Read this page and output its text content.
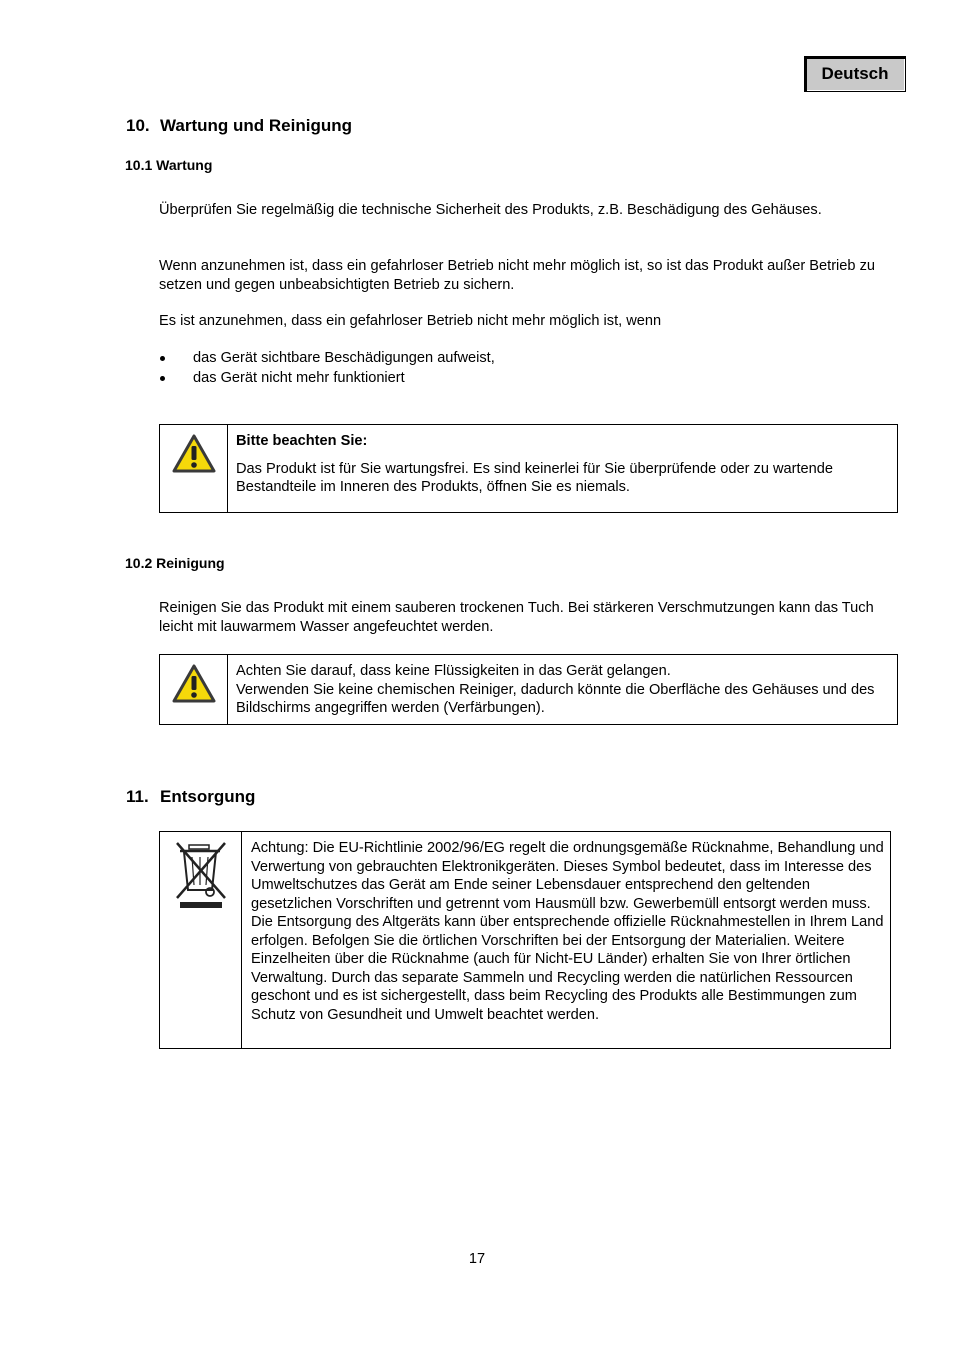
Deutsch
10. Wartung und Reinigung
10.1 Wartung
Überprüfen Sie regelmäßig die technische Sicherheit des Produkts, z.B. Beschädigung des Gehäuses.
Wenn anzunehmen ist, dass ein gefahrloser Betrieb nicht mehr möglich ist, so ist das Produkt außer Betrieb zu setzen und gegen unbeabsichtigten Betrieb zu sichern.
Es ist anzunehmen, dass ein gefahrloser Betrieb nicht mehr möglich ist, wenn
das Gerät sichtbare Beschädigungen aufweist,
das Gerät nicht mehr funktioniert
Bitte beachten Sie:
Das Produkt ist für Sie wartungsfrei. Es sind keinerlei für Sie überprüfende oder zu wartende Bestandteile im Inneren des Produkts, öffnen Sie es niemals.
10.2 Reinigung
Reinigen Sie das Produkt mit einem sauberen trockenen Tuch. Bei stärkeren Verschmutzungen kann das Tuch leicht mit lauwarmem Wasser angefeuchtet werden.
Achten Sie darauf, dass keine Flüssigkeiten in das Gerät gelangen.
Verwenden Sie keine chemischen Reiniger, dadurch könnte die Oberfläche des Gehäuses und des Bildschirms angegriffen werden (Verfärbungen).
11. Entsorgung
Achtung: Die EU-Richtlinie 2002/96/EG regelt die ordnungsgemäße Rücknahme, Behandlung und Verwertung von gebrauchten Elektronikgeräten. Dieses Symbol bedeutet, dass im Interesse des Umweltschutzes das Gerät am Ende seiner Lebensdauer entsprechend den geltenden gesetzlichen Vorschriften und getrennt vom Hausmüll bzw. Gewerbemüll entsorgt werden muss. Die Entsorgung des Altgeräts kann über entsprechende offizielle Rücknahmestellen in Ihrem Land erfolgen. Befolgen Sie die örtlichen Vorschriften bei der Entsorgung der Materialien. Weitere Einzelheiten über die Rücknahme (auch für Nicht-EU Länder) erhalten Sie von Ihrer örtlichen Verwaltung. Durch das separate Sammeln und Recycling werden die natürlichen Ressourcen geschont und es ist sichergestellt, dass beim Recycling des Produkts alle Bestimmungen zum Schutz von Gesundheit und Umwelt beachtet werden.
17
